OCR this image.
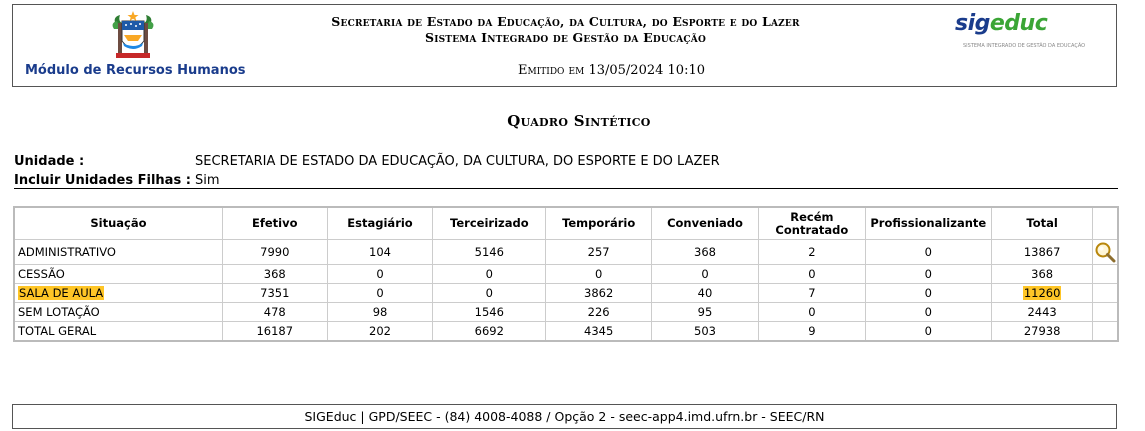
Módulo de Recursos Humanos
Secretaria de Estado da Educação, da Cultura, do Esporte e do Lazer
Sistema Integrado de Gestão da Educação
Emitido em 13/05/2024 10:10
sigeduc
SISTEMA INTEGRADO DE GESTÃO DA EDUCAÇÃO
Quadro Sintético
Unidade :	SECRETARIA DE ESTADO DA EDUCAÇÃO, DA CULTURA, DO ESPORTE E DO LAZER
Incluir Unidades Filhas : Sim
Situação	Efetivo	Estagiário	Terceirizado	Temporário	Conveniado	Recém Contratado	Profissionalizante	Total	
ADMINISTRATIVO	7990	104	5146	257	368	2	0	13867	
CESSÃO	368	0	0	0	0	0	0	368	
SALA DE AULA	7351	0	0	3862	40	7	0	11260	
SEM LOTAÇÃO	478	98	1546	226	95	0	0	2443	
TOTAL GERAL	16187	202	6692	4345	503	9	0	27938	
SIGEduc | GPD/SEEC - (84) 4008-4088 / Opção 2 - seec-app4.imd.ufrn.br - SEEC/RN
